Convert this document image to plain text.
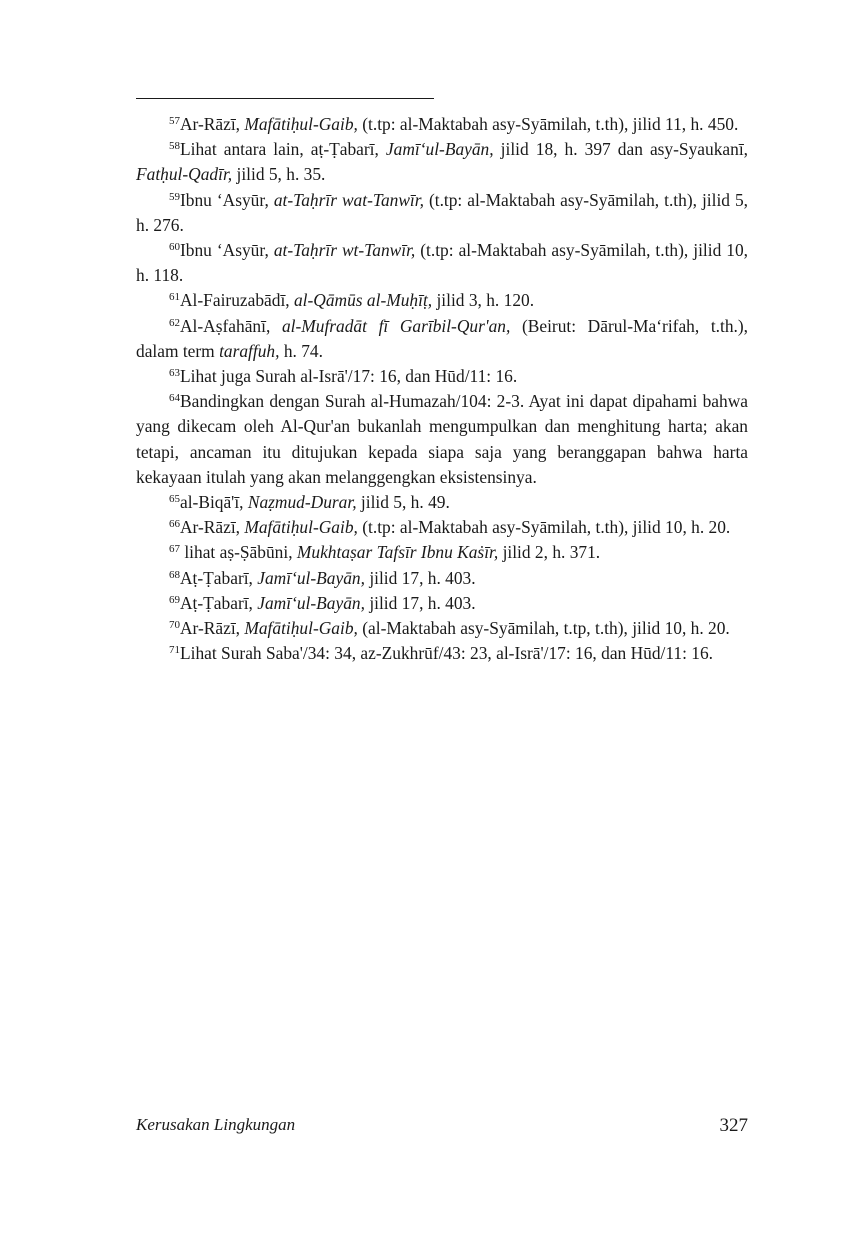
$^{57}$Ar-Rāzī, Mafātiḥul-Gaib, (t.tp: al-Maktabah asy-Syāmilah, t.th), jilid 11, h. 450.

$^{58}$Lihat antara lain, aṭ-Ṭabarī, Jamī‘ul-Bayān, jilid 18, h. 397 dan asy-Syaukanī, Fatḥul-Qadīr, jilid 5, h. 35.

$^{59}$Ibnu ‘Asyūr, at-Taḥrīr wat-Tanwīr, (t.tp: al-Maktabah asy-Syāmilah, t.th), jilid 5, h. 276.

$^{60}$Ibnu ‘Asyūr, at-Taḥrīr wt-Tanwīr, (t.tp: al-Maktabah asy-Syāmilah, t.th), jilid 10, h. 118.

$^{61}$Al-Fairuzabādī, al-Qāmūs al-Muḥīṭ, jilid 3, h. 120.

$^{62}$Al-Aṣfahānī, al-Mufradāt fī Garībil-Qur'an, (Beirut: Dārul-Ma‘rifah, t.th.), dalam term taraffuh, h. 74.

$^{63}$Lihat juga Surah al-Isrā'/17: 16, dan Hūd/11: 16.

$^{64}$Bandingkan dengan Surah al-Humazah/104: 2-3. Ayat ini dapat dipahami bahwa yang dikecam oleh Al-Qur'an bukanlah mengumpulkan dan menghitung harta; akan tetapi, ancaman itu ditujukan kepada siapa saja yang beranggapan bahwa harta kekayaan itulah yang akan melanggengkan eksistensinya.

$^{65}$al-Biqā'ī, Naẓmud-Durar, jilid 5, h. 49.

$^{66}$Ar-Rāzī, Mafātiḥul-Gaib, (t.tp: al-Maktabah asy-Syāmilah, t.th), jilid 10, h. 20.

$^{67}$ lihat aṣ-Ṣābūni, Mukhtaṣar Tafsīr Ibnu Kaṡīr, jilid 2, h. 371.

$^{68}$Aṭ-Ṭabarī, Jamī‘ul-Bayān, jilid 17, h. 403.

$^{69}$Aṭ-Ṭabarī, Jamī‘ul-Bayān, jilid 17, h. 403.

$^{70}$Ar-Rāzī, Mafātiḥul-Gaib, (al-Maktabah asy-Syāmilah, t.tp, t.th), jilid 10, h. 20.

$^{71}$Lihat Surah Saba'/34: 34, az-Zukhrūf/43: 23, al-Isrā'/17: 16, dan Hūd/11: 16.

Kerusakan Lingkungan	327
